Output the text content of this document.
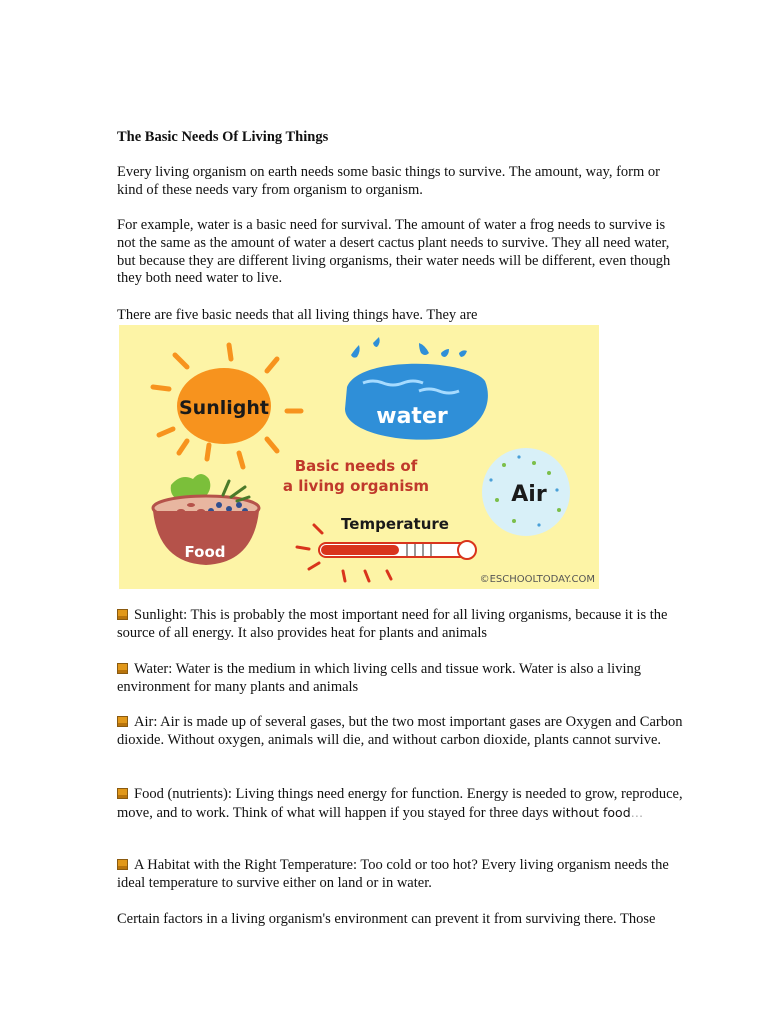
The Basic Needs Of Living Things

Every living organism on earth needs some basic things to survive. The amount, way, form or kind of these needs vary from organism to organism.

For example, water is a basic need for survival. The amount of water a frog needs to survive is not the same as the amount of water a desert cactus plant needs to survive. They all need water, but because they are different living organisms, their water needs will be different, even though they both need water to live.

There are five basic needs that all living things have. They are

Sunlight: This is probably the most important need for all living organisms, because it is the source of all energy. It also provides heat for plants and animals

Water: Water is the medium in which living cells and tissue work. Water is also a living environment for many plants and animals

Air: Air is made up of several gases, but the two most important gases are Oxygen and Carbon dioxide. Without oxygen, animals will die, and without carbon dioxide, plants cannot survive.

Food (nutrients): Living things need energy for function. Energy is needed to grow, reproduce, move, and to work. Think of what will happen if you stayed for three days without food…

A Habitat with the Right Temperature: Too cold or too hot? Every living organism needs the ideal temperature to survive either on land or in water.

Certain factors in a living organism's environment can prevent it from surviving there. Those

Sunlight	water
Basic needs of
a living organism	Air
Food
Temperature
©ESCHOOLTODAY.COM
